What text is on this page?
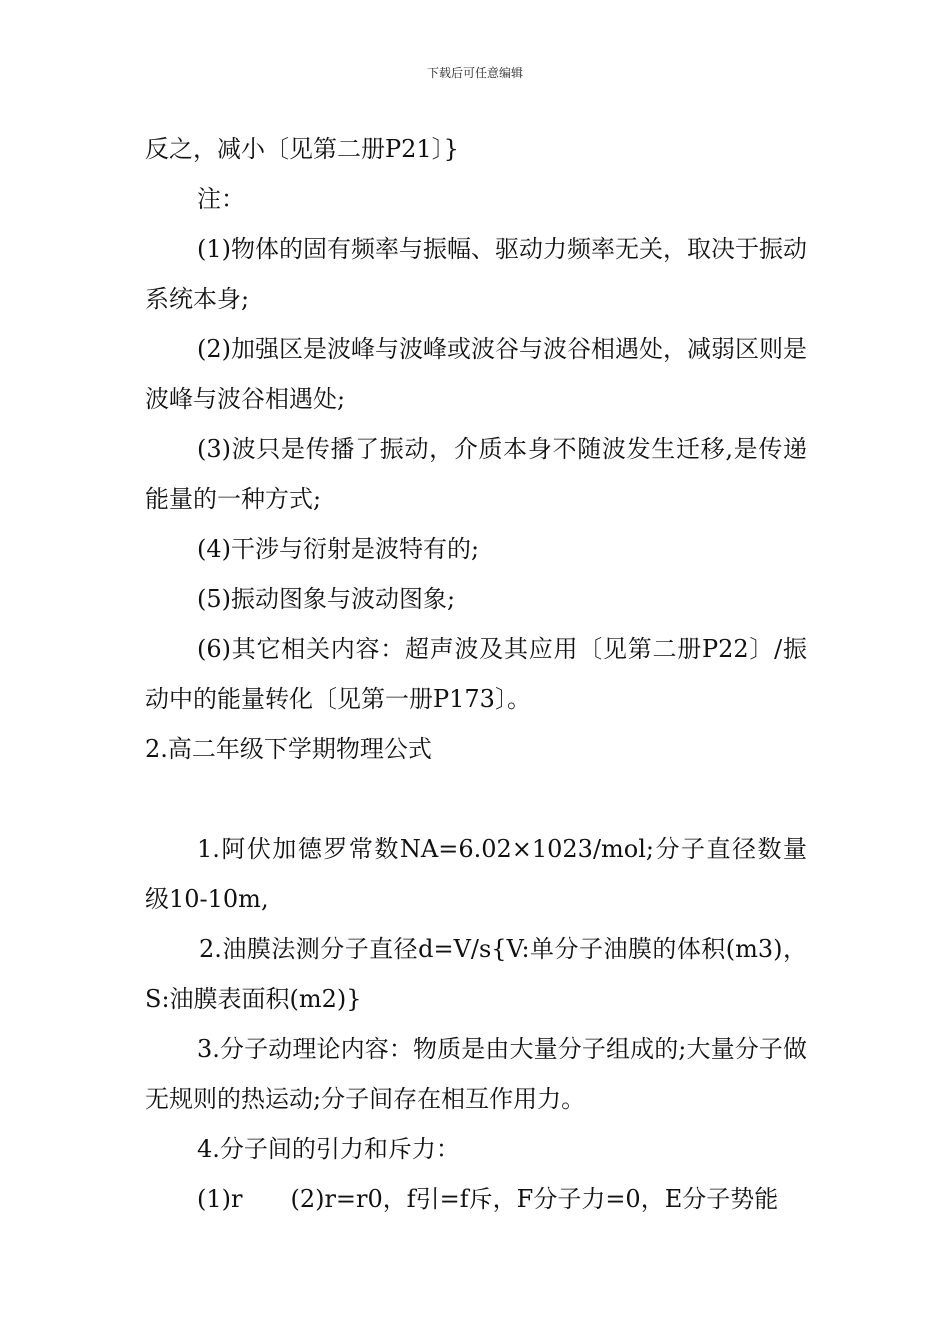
下载后可任意编辑

反之，减小〔见第二册P21〕}

注：

(1)物体的固有频率与振幅、驱动力频率无关，取决于振动系统本身;

(2)加强区是波峰与波峰或波谷与波谷相遇处，减弱区则是波峰与波谷相遇处;

(3)波只是传播了振动，介质本身不随波发生迁移,是传递能量的一种方式;

(4)干涉与衍射是波特有的;

(5)振动图象与波动图象;

(6)其它相关内容：超声波及其应用〔见第二册P22〕/振动中的能量转化〔见第一册P173〕。

2.高二年级下学期物理公式

1.阿伏加德罗常数NA=6.02×1023/mol;分子直径数量级10-10m,

2.油膜法测分子直径d=V/s{V:单分子油膜的体积(m3)，S:油膜表面积(m2)}

3.分子动理论内容：物质是由大量分子组成的;大量分子做无规则的热运动;分子间存在相互作用力。

4.分子间的引力和斥力：

(1)r　　(2)r=r0，f引=f斥，F分子力=0，E分子势能
